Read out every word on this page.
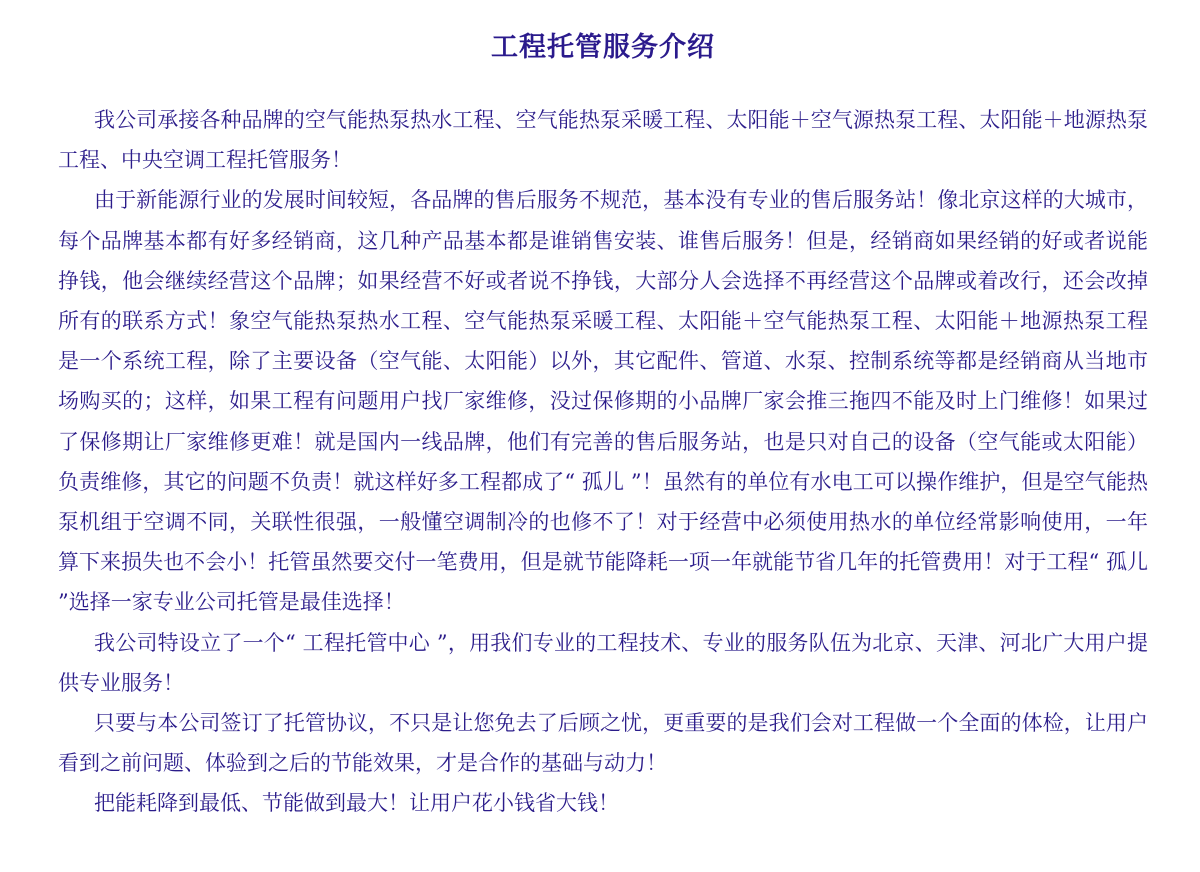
工程托管服务介绍

我公司承接各种品牌的空气能热泵热水工程、空气能热泵采暖工程、太阳能＋空气源热泵工程、太阳能＋地源热泵工程、中央空调工程托管服务！

由于新能源行业的发展时间较短，各品牌的售后服务不规范，基本没有专业的售后服务站！像北京这样的大城市，每个品牌基本都有好多经销商，这几种产品基本都是谁销售安装、谁售后服务！但是，经销商如果经销的好或者说能挣钱，他会继续经营这个品牌；如果经营不好或者说不挣钱，大部分人会选择不再经营这个品牌或着改行，还会改掉所有的联系方式！象空气能热泵热水工程、空气能热泵采暖工程、太阳能＋空气能热泵工程、太阳能＋地源热泵工程是一个系统工程，除了主要设备（空气能、太阳能）以外，其它配件、管道、水泵、控制系统等都是经销商从当地市场购买的；这样，如果工程有问题用户找厂家维修，没过保修期的小品牌厂家会推三拖四不能及时上门维修！如果过了保修期让厂家维修更难！就是国内一线品牌，他们有完善的售后服务站，也是只对自己的设备（空气能或太阳能）负责维修，其它的问题不负责！就这样好多工程都成了“ 孤儿 ”！虽然有的单位有水电工可以操作维护，但是空气能热泵机组于空调不同，关联性很强，一般懂空调制冷的也修不了！对于经营中必须使用热水的单位经常影响使用，一年算下来损失也不会小！托管虽然要交付一笔费用，但是就节能降耗一项一年就能节省几年的托管费用！对于工程“ 孤儿 ”选择一家专业公司托管是最佳选择！

我公司特设立了一个“ 工程托管中心 ”，用我们专业的工程技术、专业的服务队伍为北京、天津、河北广大用户提供专业服务！

只要与本公司签订了托管协议，不只是让您免去了后顾之忧，更重要的是我们会对工程做一个全面的体检，让用户看到之前问题、体验到之后的节能效果，才是合作的基础与动力！

把能耗降到最低、节能做到最大！让用户花小钱省大钱！
